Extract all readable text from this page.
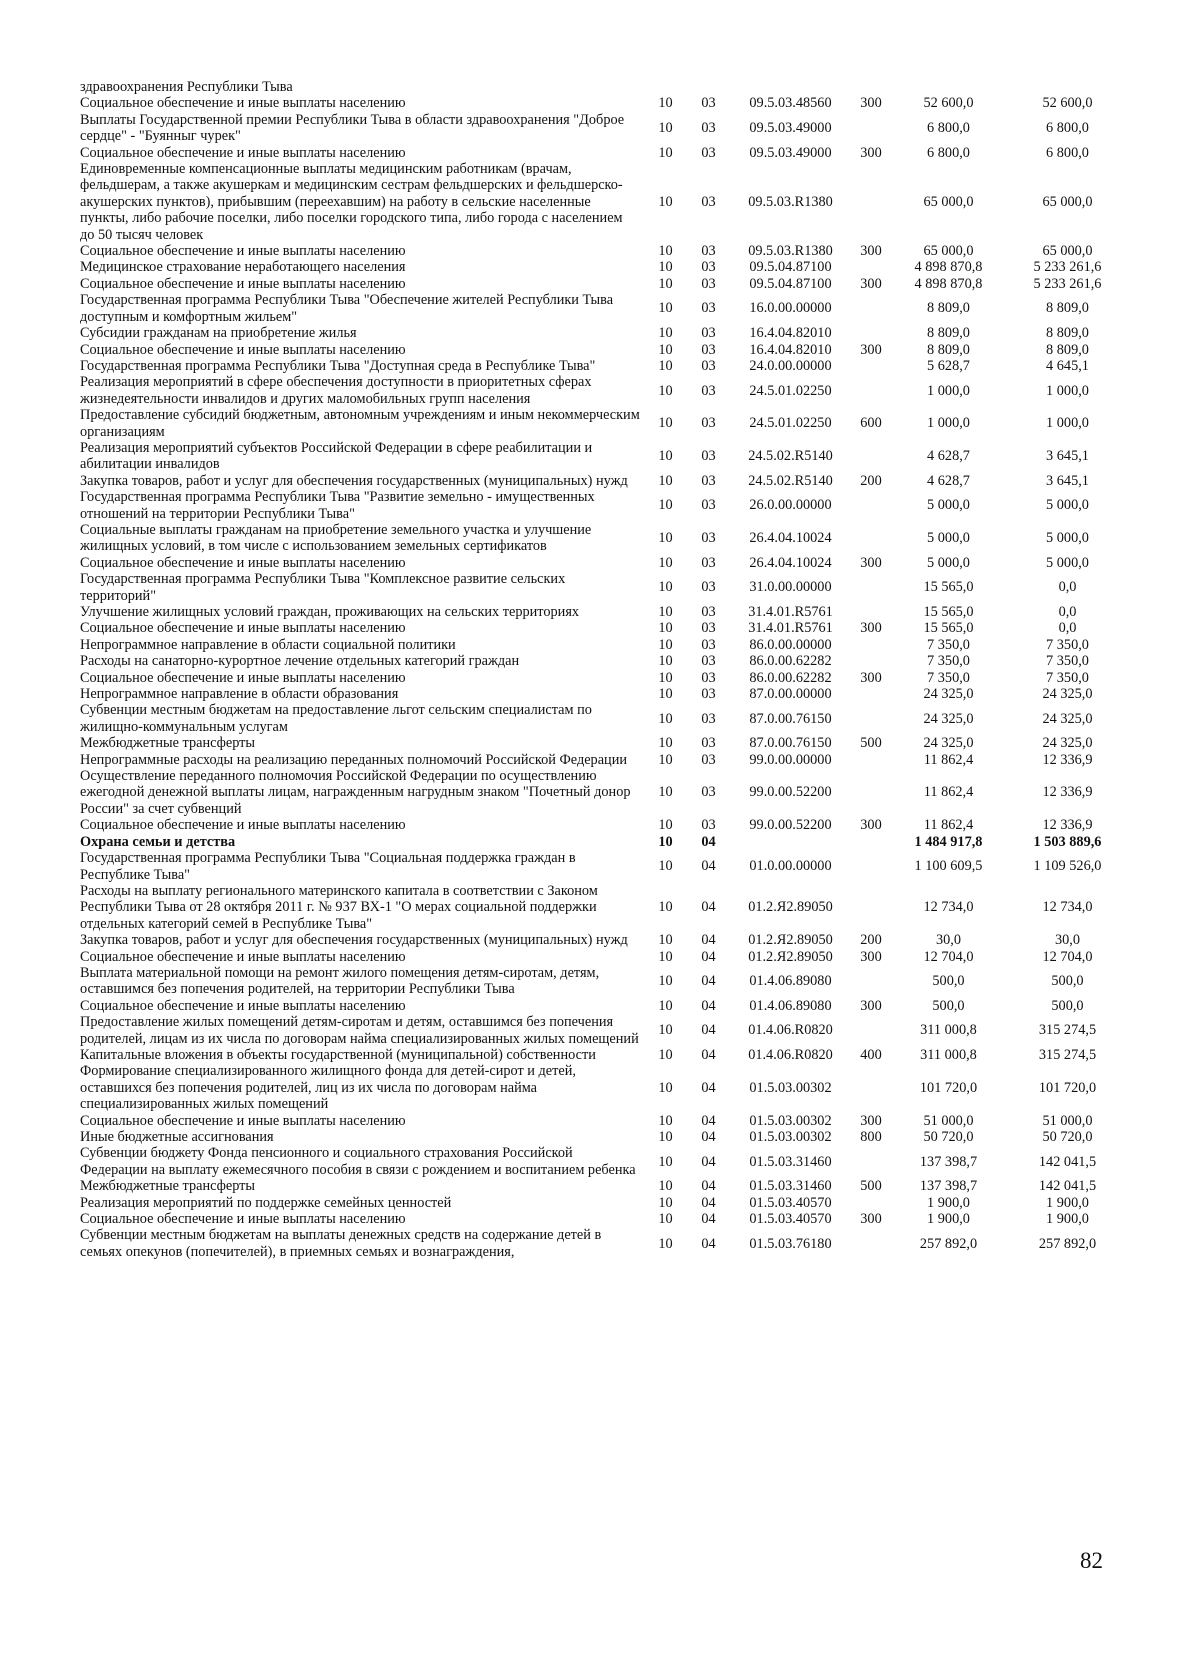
здравоохранения Республики Тыва						
Социальное обеспечение и иные выплаты населению	10	03	09.5.03.48560	300	52 600,0	52 600,0
Выплаты Государственной премии Республики Тыва в области здравоохранения "Доброе сердце" - "Буянныг чурек"	10	03	09.5.03.49000		6 800,0	6 800,0
Социальное обеспечение и иные выплаты населению	10	03	09.5.03.49000	300	6 800,0	6 800,0
Единовременные компенсационные выплаты медицинским работникам (врачам, фельдшерам, а также акушеркам и медицинским сестрам фельдшерских и фельдшерско-акушерских пунктов), прибывшим (переехавшим) на работу в сельские населенные пункты, либо рабочие поселки, либо поселки городского типа, либо города с населением до 50 тысяч человек	10	03	09.5.03.R1380		65 000,0	65 000,0
Социальное обеспечение и иные выплаты населению	10	03	09.5.03.R1380	300	65 000,0	65 000,0
Медицинское страхование неработающего населения	10	03	09.5.04.87100		4 898 870,8	5 233 261,6
Социальное обеспечение и иные выплаты населению	10	03	09.5.04.87100	300	4 898 870,8	5 233 261,6
Государственная программа Республики Тыва "Обеспечение жителей Республики Тыва доступным и комфортным жильем"	10	03	16.0.00.00000		8 809,0	8 809,0
Субсидии гражданам на приобретение жилья	10	03	16.4.04.82010		8 809,0	8 809,0
Социальное обеспечение и иные выплаты населению	10	03	16.4.04.82010	300	8 809,0	8 809,0
Государственная программа Республики Тыва "Доступная среда в Республике Тыва"	10	03	24.0.00.00000		5 628,7	4 645,1
Реализация мероприятий в сфере обеспечения доступности в приоритетных сферах жизнедеятельности инвалидов и других маломобильных групп населения	10	03	24.5.01.02250		1 000,0	1 000,0
Предоставление субсидий бюджетным, автономным учреждениям и иным некоммерческим организациям	10	03	24.5.01.02250	600	1 000,0	1 000,0
Реализация мероприятий субъектов Российской Федерации в сфере реабилитации и абилитации инвалидов	10	03	24.5.02.R5140		4 628,7	3 645,1
Закупка товаров, работ и услуг для обеспечения государственных (муниципальных) нужд	10	03	24.5.02.R5140	200	4 628,7	3 645,1
Государственная программа Республики Тыва "Развитие земельно - имущественных отношений на территории Республики Тыва"	10	03	26.0.00.00000		5 000,0	5 000,0
Социальные выплаты гражданам на приобретение земельного участка и улучшение жилищных условий, в том числе с использованием земельных сертификатов	10	03	26.4.04.10024		5 000,0	5 000,0
Социальное обеспечение и иные выплаты населению	10	03	26.4.04.10024	300	5 000,0	5 000,0
Государственная программа Республики Тыва "Комплексное развитие сельских территорий"	10	03	31.0.00.00000		15 565,0	0,0
Улучшение жилищных условий граждан, проживающих на сельских территориях	10	03	31.4.01.R5761		15 565,0	0,0
Социальное обеспечение и иные выплаты населению	10	03	31.4.01.R5761	300	15 565,0	0,0
Непрограммное направление в области социальной политики	10	03	86.0.00.00000		7 350,0	7 350,0
Расходы на санаторно-курортное лечение отдельных категорий граждан	10	03	86.0.00.62282		7 350,0	7 350,0
Социальное обеспечение и иные выплаты населению	10	03	86.0.00.62282	300	7 350,0	7 350,0
Непрограммное направление в области образования	10	03	87.0.00.00000		24 325,0	24 325,0
Субвенции местным бюджетам на предоставление льгот сельским специалистам по жилищно-коммунальным услугам	10	03	87.0.00.76150		24 325,0	24 325,0
Межбюджетные трансферты	10	03	87.0.00.76150	500	24 325,0	24 325,0
Непрограммные расходы на реализацию переданных полномочий Российской Федерации	10	03	99.0.00.00000		11 862,4	12 336,9
Осуществление переданного полномочия Российской Федерации по осуществлению ежегодной денежной выплаты лицам, награжденным нагрудным знаком "Почетный донор России" за счет субвенций	10	03	99.0.00.52200		11 862,4	12 336,9
Социальное обеспечение и иные выплаты населению	10	03	99.0.00.52200	300	11 862,4	12 336,9
Охрана семьи и детства	10	04			1 484 917,8	1 503 889,6
Государственная программа Республики Тыва "Социальная поддержка граждан в Республике Тыва"	10	04	01.0.00.00000		1 100 609,5	1 109 526,0
Расходы на выплату регионального материнского капитала в соответствии с Законом Республики Тыва от 28 октября 2011 г. № 937 ВХ-1 "О мерах социальной поддержки отдельных категорий семей в Республике Тыва"	10	04	01.2.Я2.89050		12 734,0	12 734,0
Закупка товаров, работ и услуг для обеспечения государственных (муниципальных) нужд	10	04	01.2.Я2.89050	200	30,0	30,0
Социальное обеспечение и иные выплаты населению	10	04	01.2.Я2.89050	300	12 704,0	12 704,0
Выплата материальной помощи на ремонт жилого помещения детям-сиротам, детям, оставшимся без попечения родителей, на территории Республики Тыва	10	04	01.4.06.89080		500,0	500,0
Социальное обеспечение и иные выплаты населению	10	04	01.4.06.89080	300	500,0	500,0
Предоставление жилых помещений детям-сиротам и детям, оставшимся без попечения родителей, лицам из их числа по договорам найма специализированных жилых помещений	10	04	01.4.06.R0820		311 000,8	315 274,5
Капитальные вложения в объекты государственной (муниципальной) собственности	10	04	01.4.06.R0820	400	311 000,8	315 274,5
Формирование специализированного жилищного фонда для детей-сирот и детей, оставшихся без попечения родителей, лиц из их числа по договорам найма специализированных жилых помещений	10	04	01.5.03.00302		101 720,0	101 720,0
Социальное обеспечение и иные выплаты населению	10	04	01.5.03.00302	300	51 000,0	51 000,0
Иные бюджетные ассигнования	10	04	01.5.03.00302	800	50 720,0	50 720,0
Субвенции бюджету Фонда пенсионного и социального страхования Российской Федерации на выплату ежемесячного пособия в связи с рождением и воспитанием ребенка	10	04	01.5.03.31460		137 398,7	142 041,5
Межбюджетные трансферты	10	04	01.5.03.31460	500	137 398,7	142 041,5
Реализация мероприятий по поддержке семейных ценностей	10	04	01.5.03.40570		1 900,0	1 900,0
Социальное обеспечение и иные выплаты населению	10	04	01.5.03.40570	300	1 900,0	1 900,0
Субвенции местным бюджетам на выплаты денежных средств на содержание детей в семьях опекунов (попечителей), в приемных семьях и вознаграждения,	10	04	01.5.03.76180		257 892,0	257 892,0
82
